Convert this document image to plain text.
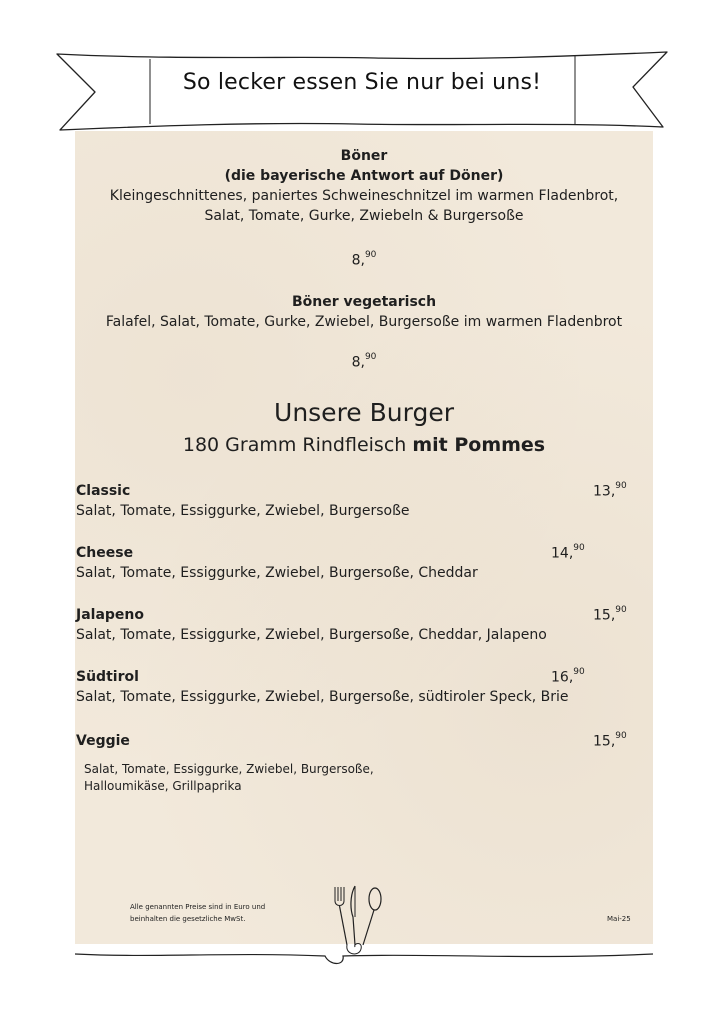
So lecker essen Sie nur bei uns!
Böner
(die bayerische Antwort auf Döner)
Kleingeschnittenes, paniertes Schweineschnitzel im warmen Fladenbrot,
Salat, Tomate, Gurke, Zwiebeln & Burgersoße
8,90
Böner vegetarisch
Falafel, Salat, Tomate, Gurke, Zwiebel, Burgersoße im warmen Fladenbrot
8,90
Unsere Burger
180 Gramm Rindfleisch mit Pommes
Classic	13,90
Salat, Tomate, Essiggurke, Zwiebel, Burgersoße
Cheese	14,90
Salat, Tomate, Essiggurke, Zwiebel, Burgersoße, Cheddar
Jalapeno	15,90
Salat, Tomate, Essiggurke, Zwiebel, Burgersoße, Cheddar, Jalapeno
Südtirol	16,90
Salat, Tomate, Essiggurke, Zwiebel, Burgersoße, südtiroler Speck, Brie
Veggie	15,90
Salat, Tomate, Essiggurke, Zwiebel, Burgersoße,
Halloumikäse, Grillpaprika
Alle genannten Preise sind in Euro und
beinhalten die gesetzliche MwSt.	Mai-25
